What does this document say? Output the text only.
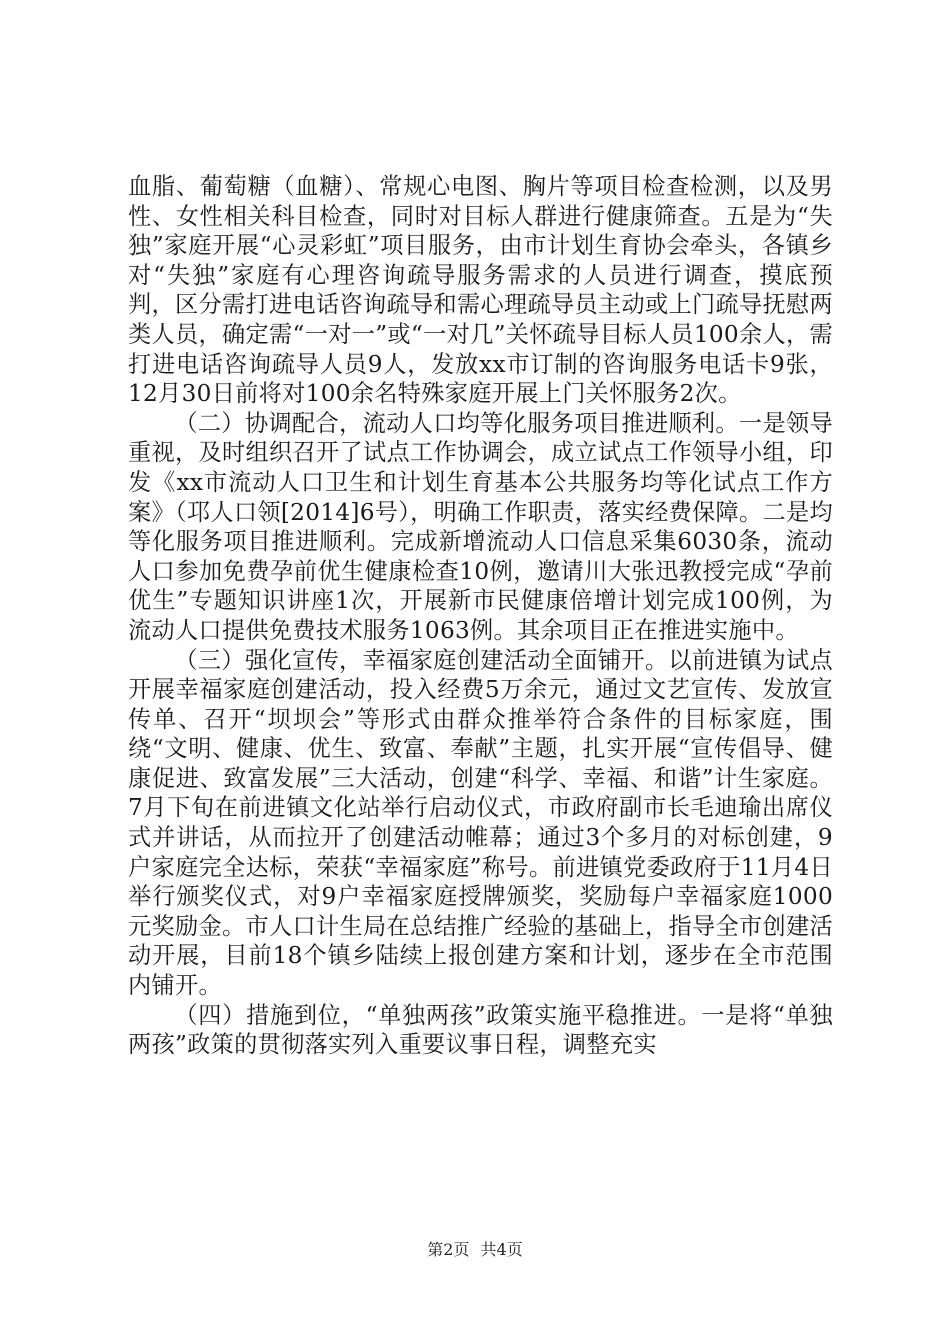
血脂、葡萄糖（血糖）、常规心电图、胸片等项目检查检测，以及男性、女性相关科目检查，同时对目标人群进行健康筛查。五是为“失独”家庭开展“心灵彩虹”项目服务，由市计划生育协会牵头，各镇乡对“失独”家庭有心理咨询疏导服务需求的人员进行调查，摸底预判，区分需打进电话咨询疏导和需心理疏导员主动或上门疏导抚慰两类人员，确定需“一对一”或“一对几”关怀疏导目标人员100余人，需打进电话咨询疏导人员9人，发放xx市订制的咨询服务电话卡9张，12月30日前将对100余名特殊家庭开展上门关怀服务2次。

（二）协调配合，流动人口均等化服务项目推进顺利。一是领导重视，及时组织召开了试点工作协调会，成立试点工作领导小组，印发《xx市流动人口卫生和计划生育基本公共服务均等化试点工作方案》（邛人口领[2014]6号），明确工作职责，落实经费保障。二是均等化服务项目推进顺利。完成新增流动人口信息采集6030条，流动人口参加免费孕前优生健康检查10例，邀请川大张迅教授完成“孕前优生”专题知识讲座1次，开展新市民健康倍增计划完成100例，为流动人口提供免费技术服务1063例。其余项目正在推进实施中。

（三）强化宣传，幸福家庭创建活动全面铺开。以前进镇为试点开展幸福家庭创建活动，投入经费5万余元，通过文艺宣传、发放宣传单、召开“坝坝会”等形式由群众推举符合条件的目标家庭，围绕“文明、健康、优生、致富、奉献”主题，扎实开展“宣传倡导、健康促进、致富发展”三大活动，创建“科学、幸福、和谐”计生家庭。7月下旬在前进镇文化站举行启动仪式，市政府副市长毛迪瑜出席仪式并讲话，从而拉开了创建活动帷幕；通过3个多月的对标创建，9户家庭完全达标，荣获“幸福家庭”称号。前进镇党委政府于11月4日举行颁奖仪式，对9户幸福家庭授牌颁奖，奖励每户幸福家庭1000元奖励金。市人口计生局在总结推广经验的基础上，指导全市创建活动开展，目前18个镇乡陆续上报创建方案和计划，逐步在全市范围内铺开。

（四）措施到位，“单独两孩”政策实施平稳推进。一是将“单独两孩”政策的贯彻落实列入重要议事日程，调整充实

第2页 共4页
